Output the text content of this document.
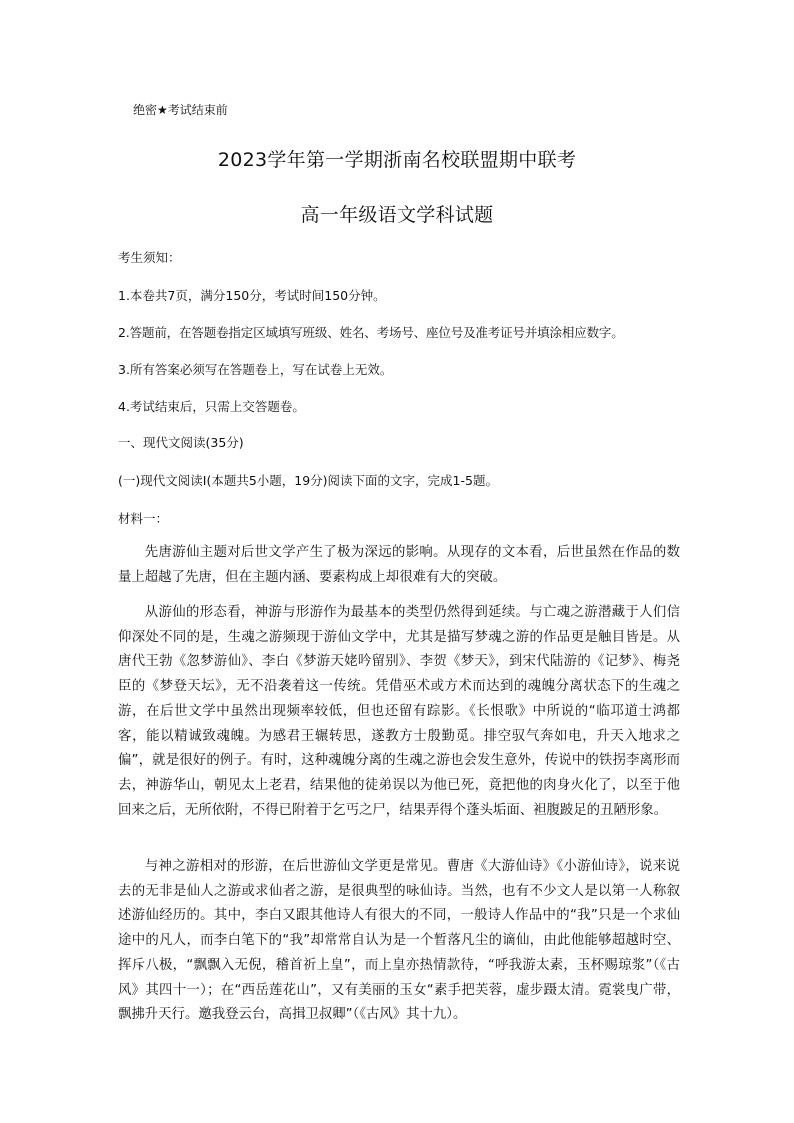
绝密★考试结束前
2023学年第一学期浙南名校联盟期中联考
高一年级语文学科试题
考生须知：
1.本卷共7页，满分150分，考试时间150分钟。
2.答题前，在答题卷指定区域填写班级、姓名、考场号、座位号及准考证号并填涂相应数字。
3.所有答案必须写在答题卷上，写在试卷上无效。
4.考试结束后，只需上交答题卷。
一、现代文阅读(35分)
(一)现代文阅读Ⅰ(本题共5小题，19分)阅读下面的文字，完成1-5题。
材料一：

先唐游仙主题对后世文学产生了极为深远的影响。从现存的文本看，后世虽然在作品的数量上超越了先唐，但在主题内涵、要素构成上却很难有大的突破。

从游仙的形态看，神游与形游作为最基本的类型仍然得到延续。与亡魂之游潜藏于人们信仰深处不同的是，生魂之游频现于游仙文学中，尤其是描写梦魂之游的作品更是触目皆是。从唐代王勃《忽梦游仙》、李白《梦游天姥吟留别》、李贺《梦天》，到宋代陆游的《记梦》、梅尧臣的《梦登天坛》，无不沿袭着这一传统。凭借巫术或方术而达到的魂魄分离状态下的生魂之游，在后世文学中虽然出现频率较低，但也还留有踪影。《长恨歌》中所说的“临邛道士鸿都客，能以精诚致魂魄。为感君王辗转思，遂教方士殷勤觅。排空驭气奔如电，升天入地求之偏”，就是很好的例子。有时，这种魂魄分离的生魂之游也会发生意外，传说中的铁拐李离形而去，神游华山，朝见太上老君，结果他的徒弟误以为他已死，竟把他的肉身火化了，以至于他回来之后，无所依附，不得已附着于乞丐之尸，结果弄得个蓬头垢面、袒腹跛足的丑陋形象。

与神之游相对的形游，在后世游仙文学更是常见。曹唐《大游仙诗》《小游仙诗》，说来说去的无非是仙人之游或求仙者之游，是很典型的咏仙诗。当然，也有不少文人是以第一人称叙述游仙经历的。其中，李白又跟其他诗人有很大的不同，一般诗人作品中的“我”只是一个求仙途中的凡人，而李白笔下的“我”却常常自认为是一个暂落凡尘的谪仙，由此他能够超越时空、挥斥八极，“飘飘入无倪，稽首祈上皇”，而上皇亦热情款待，“呼我游太素，玉杯赐琼浆”（《古风》其四十一）；在“西岳莲花山”，又有美丽的玉女“素手把芙蓉，虚步蹑太清。霓裳曳广带，飘拂升天行。邀我登云台，高揖卫叔卿”（《古风》其十九）。
